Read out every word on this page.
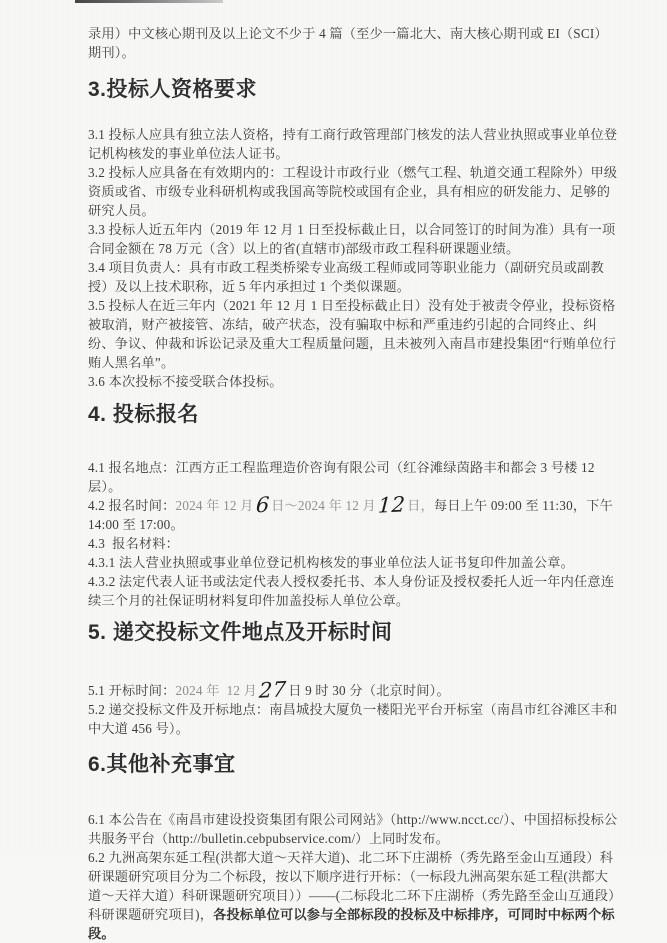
录用）中文核心期刊及以上论文不少于 4 篇（至少一篇北大、南大核心期刊或 EI（SCI）期刊）。

3.投标人资格要求

3.1 投标人应具有独立法人资格，持有工商行政管理部门核发的法人营业执照或事业单位登记机构核发的事业单位法人证书。

3.2 投标人应具备在有效期内的：工程设计市政行业（燃气工程、轨道交通工程除外）甲级资质或省、市级专业科研机构或我国高等院校或国有企业，具有相应的研发能力、足够的研究人员。

3.3 投标人近五年内（2019 年 12 月 1 日至投标截止日，以合同签订的时间为准）具有一项合同金额在 78 万元（含）以上的省(直辖市)部级市政工程科研课题业绩。

3.4 项目负责人：具有市政工程类桥梁专业高级工程师或同等职业能力（副研究员或副教授）及以上技术职称，近 5 年内承担过 1 个类似课题。

3.5 投标人在近三年内（2021 年 12 月 1 日至投标截止日）没有处于被责令停业，投标资格被取消，财产被接管、冻结，破产状态，没有骗取中标和严重违约引起的合同终止、纠纷、争议、仲裁和诉讼记录及重大工程质量问题，且未被列入南昌市建投集团“行贿单位行贿人黑名单”。

3.6 本次投标不接受联合体投标。

4. 投标报名

4.1 报名地点：江西方正工程监理造价咨询有限公司（红谷滩绿茵路丰和都会 3 号楼 12 层）。

4.2 报名时间：2024 年 12 月6日～2024 年 12 月12日，每日上午 09:00 至 11:30，下午 14:00 至 17:00。

4.3  报名材料：

4.3.1 法人营业执照或事业单位登记机构核发的事业单位法人证书复印件加盖公章。

4.3.2 法定代表人证书或法定代表人授权委托书、本人身份证及授权委托人近一年内任意连续三个月的社保证明材料复印件加盖投标人单位公章。

5. 递交投标文件地点及开标时间

5.1 开标时间：2024 年  12 月27日 9 时 30 分（北京时间）。

5.2 递交投标文件及开标地点：南昌城投大厦负一楼阳光平台开标室（南昌市红谷滩区丰和中大道 456 号）。

6.其他补充事宜

6.1 本公告在《南昌市建设投资集团有限公司网站》（http://www.ncct.cc/）、中国招标投标公共服务平台（http://bulletin.cebpubservice.com/）上同时发布。

6.2 九洲高架东延工程(洪都大道～天祥大道)、北二环下庄湖桥（秀先路至金山互通段）科研课题研究项目分为二个标段，按以下顺序进行开标：（一标段九洲高架东延工程(洪都大道～天祥大道）科研课题研究项目））——(二标段北二环下庄湖桥（秀先路至金山互通段）科研课题研究项目)，各投标单位可以参与全部标段的投标及中标排序，可同时中标两个标段。
